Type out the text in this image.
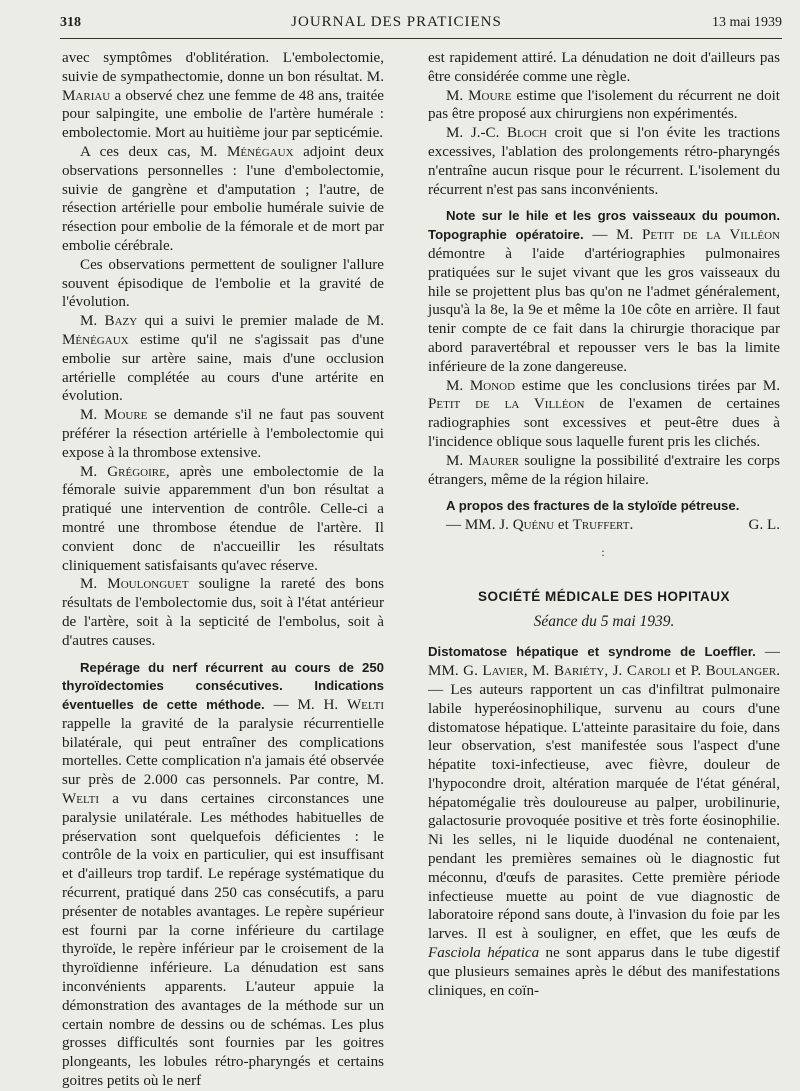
318	JOURNAL DES PRATICIENS	13 mai 1939

avec symptômes d'oblitération. L'embolectomie, suivie de sympathectomie, donne un bon résultat. M. Mariau a observé chez une femme de 48 ans, traitée pour salpingite, une embolie de l'artère humérale : embolectomie. Mort au huitième jour par septicémie.

A ces deux cas, M. Ménégaux adjoint deux observations personnelles : l'une d'embolectomie, suivie de gangrène et d'amputation ; l'autre, de résection artérielle pour embolie humérale suivie de résection pour embolie de la fémorale et de mort par embolie cérébrale.

Ces observations permettent de souligner l'allure souvent épisodique de l'embolie et la gravité de l'évolution.

M. Bazy qui a suivi le premier malade de M. Ménégaux estime qu'il ne s'agissait pas d'une embolie sur artère saine, mais d'une occlusion artérielle complétée au cours d'une artérite en évolution.

M. Moure se demande s'il ne faut pas souvent préférer la résection artérielle à l'embolectomie qui expose à la thrombose extensive.

M. Grégoire, après une embolectomie de la fémorale suivie apparemment d'un bon résultat a pratiqué une intervention de contrôle. Celle-ci a montré une thrombose étendue de l'artère. Il convient donc de n'accueillir les résultats cliniquement satisfaisants qu'avec réserve.

M. Moulonguet souligne la rareté des bons résultats de l'embolectomie dus, soit à l'état antérieur de l'artère, soit à la septicité de l'embolus, soit à d'autres causes.

Repérage du nerf récurrent au cours de 250 thyroïdectomies consécutives. Indications éventuelles de cette méthode. — M. H. Welti rappelle la gravité de la paralysie récurrentielle bilatérale, qui peut entraîner des complications mortelles. Cette complication n'a jamais été observée sur près de 2.000 cas personnels. Par contre, M. Welti a vu dans certaines circonstances une paralysie unilatérale. Les méthodes habituelles de préservation sont quelquefois déficientes : le contrôle de la voix en particulier, qui est insuffisant et d'ailleurs trop tardif. Le repérage systématique du récurrent, pratiqué dans 250 cas consécutifs, a paru présenter de notables avantages. Le repère supérieur est fourni par la corne inférieure du cartilage thyroïde, le repère inférieur par le croisement de la thyroïdienne inférieure. La dénudation est sans inconvénients apparents. L'auteur appuie la démonstration des avantages de la méthode sur un certain nombre de dessins ou de schémas. Les plus grosses difficultés sont fournies par les goitres plongeants, les lobules rétro-pharyngés et certains goitres petits où le nerf

est rapidement attiré. La dénudation ne doit d'ailleurs pas être considérée comme une règle.

M. Moure estime que l'isolement du récurrent ne doit pas être proposé aux chirurgiens non expérimentés.

M. J.-C. Bloch croit que si l'on évite les tractions excessives, l'ablation des prolongements rétro-pharyngés n'entraîne aucun risque pour le récurrent. L'isolement du récurrent n'est pas sans inconvénients.

Note sur le hile et les gros vaisseaux du poumon. Topographie opératoire. — M. Petit de la Villéon démontre à l'aide d'artériographies pulmonaires pratiquées sur le sujet vivant que les gros vaisseaux du hile se projettent plus bas qu'on ne l'admet généralement, jusqu'à la 8e, la 9e et même la 10e côte en arrière. Il faut tenir compte de ce fait dans la chirurgie thoracique par abord paravertébral et repousser vers le bas la limite inférieure de la zone dangereuse.

M. Monod estime que les conclusions tirées par M. Petit de la Villéon de l'examen de certaines radiographies sont excessives et peut-être dues à l'incidence oblique sous laquelle furent pris les clichés.

M. Maurer souligne la possibilité d'extraire les corps étrangers, même de la région hilaire.

A propos des fractures de la styloïde pétreuse.

— MM. J. Quénu et Truffert.	G. L.

:

SOCIÉTÉ MÉDICALE DES HOPITAUX

Séance du 5 mai 1939.

Distomatose hépatique et syndrome de Loeffler. — MM. G. Lavier, M. Bariéty, J. Caroli et P. Boulanger. — Les auteurs rapportent un cas d'infiltrat pulmonaire labile hyperéosinophilique, survenu au cours d'une distomatose hépatique. L'atteinte parasitaire du foie, dans leur observation, s'est manifestée sous l'aspect d'une hépatite toxi-infectieuse, avec fièvre, douleur de l'hypocondre droit, altération marquée de l'état général, hépatomégalie très douloureuse au palper, urobilinurie, galactosurie provoquée positive et très forte éosinophilie. Ni les selles, ni le liquide duodénal ne contenaient, pendant les premières semaines où le diagnostic fut méconnu, d'œufs de parasites. Cette première période infectieuse muette au point de vue diagnostic de laboratoire répond sans doute, à l'invasion du foie par les larves. Il est à souligner, en effet, que les œufs de Fasciola hépatica ne sont apparus dans le tube digestif que plusieurs semaines après le début des manifestations cliniques, en coïn-
